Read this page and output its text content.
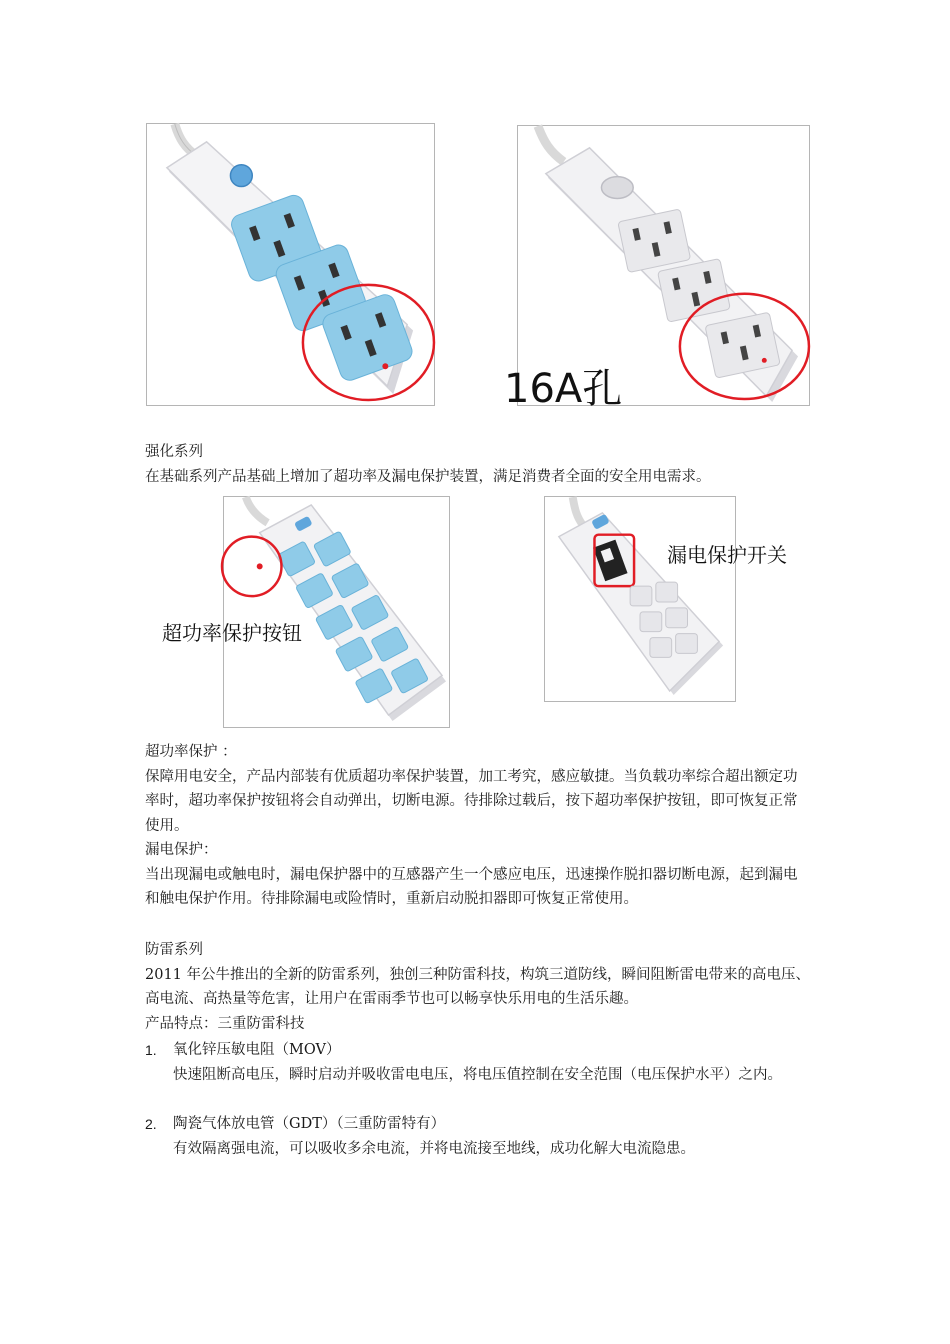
16A孔

强化系列

在基础系列产品基础上增加了超功率及漏电保护装置，满足消费者全面的安全用电需求。

超功率保护按钮
漏电保护开关

超功率保护 ：

保障用电安全，产品内部装有优质超功率保护装置，加工考究，感应敏捷。当负载功率综合超出额定功率时，超功率保护按钮将会自动弹出，切断电源。待排除过载后，按下超功率保护按钮，即可恢复正常使用。

漏电保护：

当出现漏电或触电时，漏电保护器中的互感器产生一个感应电压，迅速操作脱扣器切断电源，起到漏电和触电保护作用。待排除漏电或险情时，重新启动脱扣器即可恢复正常使用。

防雷系列

2011 年公牛推出的全新的防雷系列，独创三种防雷科技，构筑三道防线，瞬间阻断雷电带来的高电压、高电流、高热量等危害，让用户在雷雨季节也可以畅享快乐用电的生活乐趣。

产品特点：三重防雷科技

1. 氧化锌压敏电阻（MOV）

快速阻断高电压，瞬时启动并吸收雷电电压，将电压值控制在安全范围（电压保护水平）之内。

2. 陶瓷气体放电管（GDT）（三重防雷特有）

有效隔离强电流，可以吸收多余电流，并将电流接至地线，成功化解大电流隐患。
